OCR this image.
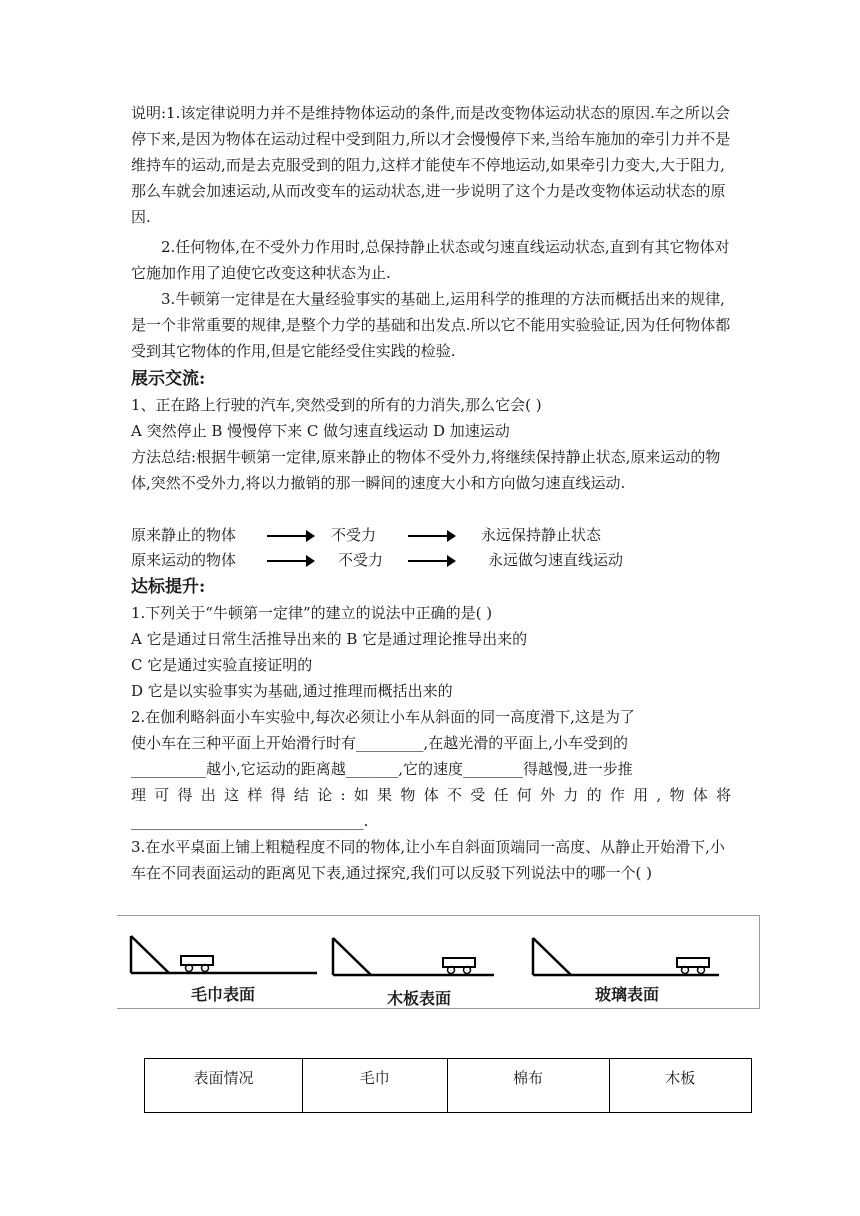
说明:1.该定律说明力并不是维持物体运动的条件,而是改变物体运动状态的原因.车之所以会停下来,是因为物体在运动过程中受到阻力,所以才会慢慢停下来,当给车施加的牵引力并不是维持车的运动,而是去克服受到的阻力,这样才能使车不停地运动,如果牵引力变大,大于阻力,那么车就会加速运动,从而改变车的运动状态,进一步说明了这个力是改变物体运动状态的原因.

2.任何物体,在不受外力作用时,总保持静止状态或匀速直线运动状态,直到有其它物体对它施加作用了迫使它改变这种状态为止.

3.牛顿第一定律是在大量经验事实的基础上,运用科学的推理的方法而概括出来的规律,是一个非常重要的规律,是整个力学的基础和出发点.所以它不能用实验验证,因为任何物体都受到其它物体的作用,但是它能经受住实践的检验.

展示交流:
1、正在路上行驶的汽车,突然受到的所有的力消失,那么它会( )
A 突然停止 B 慢慢停下来 C 做匀速直线运动 D 加速运动

方法总结:根据牛顿第一定律,原来静止的物体不受外力,将继续保持静止状态,原来运动的物体,突然不受外力,将以力撤销的那一瞬间的速度大小和方向做匀速直线运动.

原来静止的物体	不受力	永远保持静止状态
原来运动的物体	不受力	永远做匀速直线运动
达标提升:
1.下列关于“牛顿第一定律”的建立的说法中正确的是( )
A 它是通过日常生活推导出来的 B 它是通过理论推导出来的
C 它是通过实验直接证明的
D 它是以实验事实为基础,通过推理而概括出来的
2.在伽利略斜面小车实验中,每次必须让小车从斜面的同一高度滑下,这是为了
使小车在三种平面上开始滑行时有_________,在越光滑的平面上,小车受到的
__________越小,它运动的距离越_______,它的速度________得越慢,进一步推
理可得出这样得结论:如果物体不受任何外力的作用,物体将
_______________________________.

3.在水平桌面上铺上粗糙程度不同的物体,让小车自斜面顶端同一高度、从静止开始滑下,小车在不同表面运动的距离见下表,通过探究,我们可以反驳下列说法中的哪一个( )

毛巾表面	木板表面	玻璃表面
表面情况	毛巾	棉布	木板
